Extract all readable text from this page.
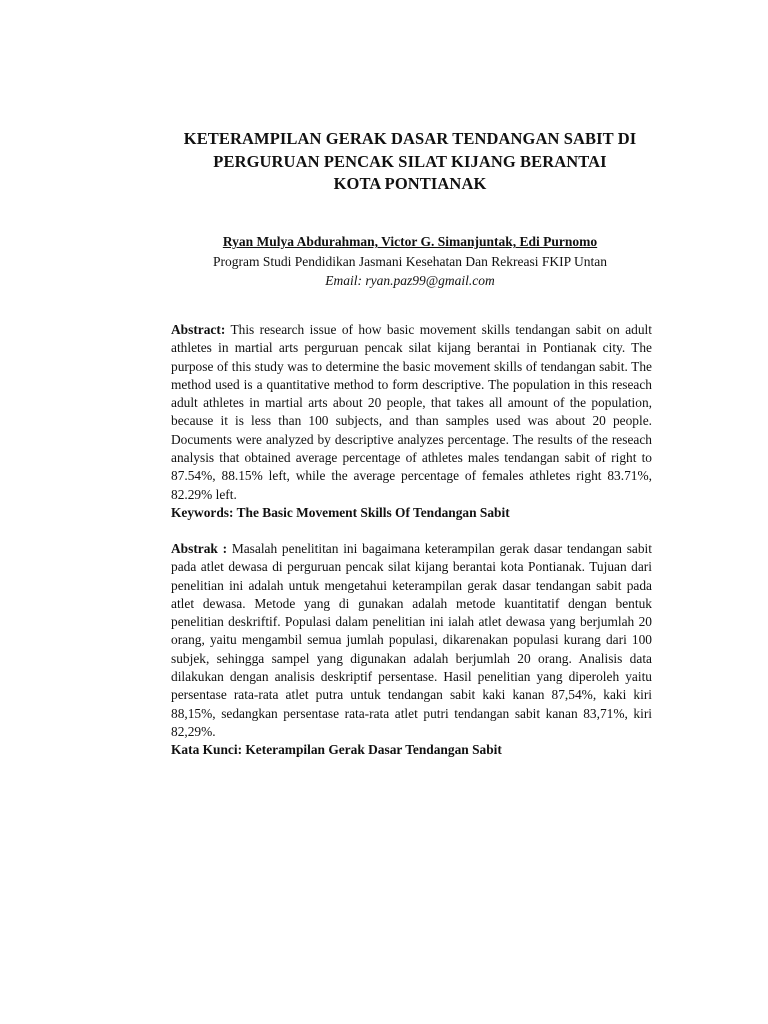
KETERAMPILAN GERAK DASAR TENDANGAN SABIT DI
PERGURUAN PENCAK SILAT KIJANG BERANTAI
KOTA PONTIANAK
Ryan Mulya Abdurahman, Victor G. Simanjuntak, Edi Purnomo
Program Studi Pendidikan Jasmani Kesehatan Dan Rekreasi FKIP Untan
Email: ryan.paz99@gmail.com
Abstract: This research issue of how basic movement skills tendangan sabit on adult athletes in martial arts perguruan pencak silat kijang berantai in Pontianak city. The purpose of this study was to determine the basic movement skills of tendangan sabit. The method used is a quantitative method to form descriptive. The population in this reseach adult athletes in martial arts about 20 people, that takes all amount of the population, because it is less than 100 subjects, and than samples used was about 20 people. Documents were analyzed by descriptive analyzes percentage. The results of the reseach analysis that obtained average percentage of athletes males tendangan sabit of right to 87.54%, 88.15% left, while the average percentage of females athletes right 83.71%, 82.29% left.
Keywords: The Basic Movement Skills Of Tendangan Sabit
Abstrak : Masalah penelititan ini bagaimana keterampilan gerak dasar tendangan sabit pada atlet dewasa di perguruan pencak silat kijang berantai kota Pontianak. Tujuan dari penelitian ini adalah untuk mengetahui keterampilan gerak dasar tendangan sabit pada atlet dewasa. Metode yang di gunakan adalah metode kuantitatif dengan bentuk penelitian deskriftif. Populasi dalam penelitian ini ialah atlet dewasa yang berjumlah 20 orang, yaitu mengambil semua jumlah populasi, dikarenakan populasi kurang dari 100 subjek, sehingga sampel yang digunakan adalah berjumlah 20 orang. Analisis data dilakukan dengan analisis deskriptif persentase. Hasil penelitian yang diperoleh yaitu persentase rata-rata atlet putra untuk tendangan sabit kaki kanan 87,54%, kaki kiri 88,15%, sedangkan persentase rata-rata atlet putri tendangan sabit kanan 83,71%, kiri 82,29%.
Kata Kunci: Keterampilan Gerak Dasar Tendangan Sabit
